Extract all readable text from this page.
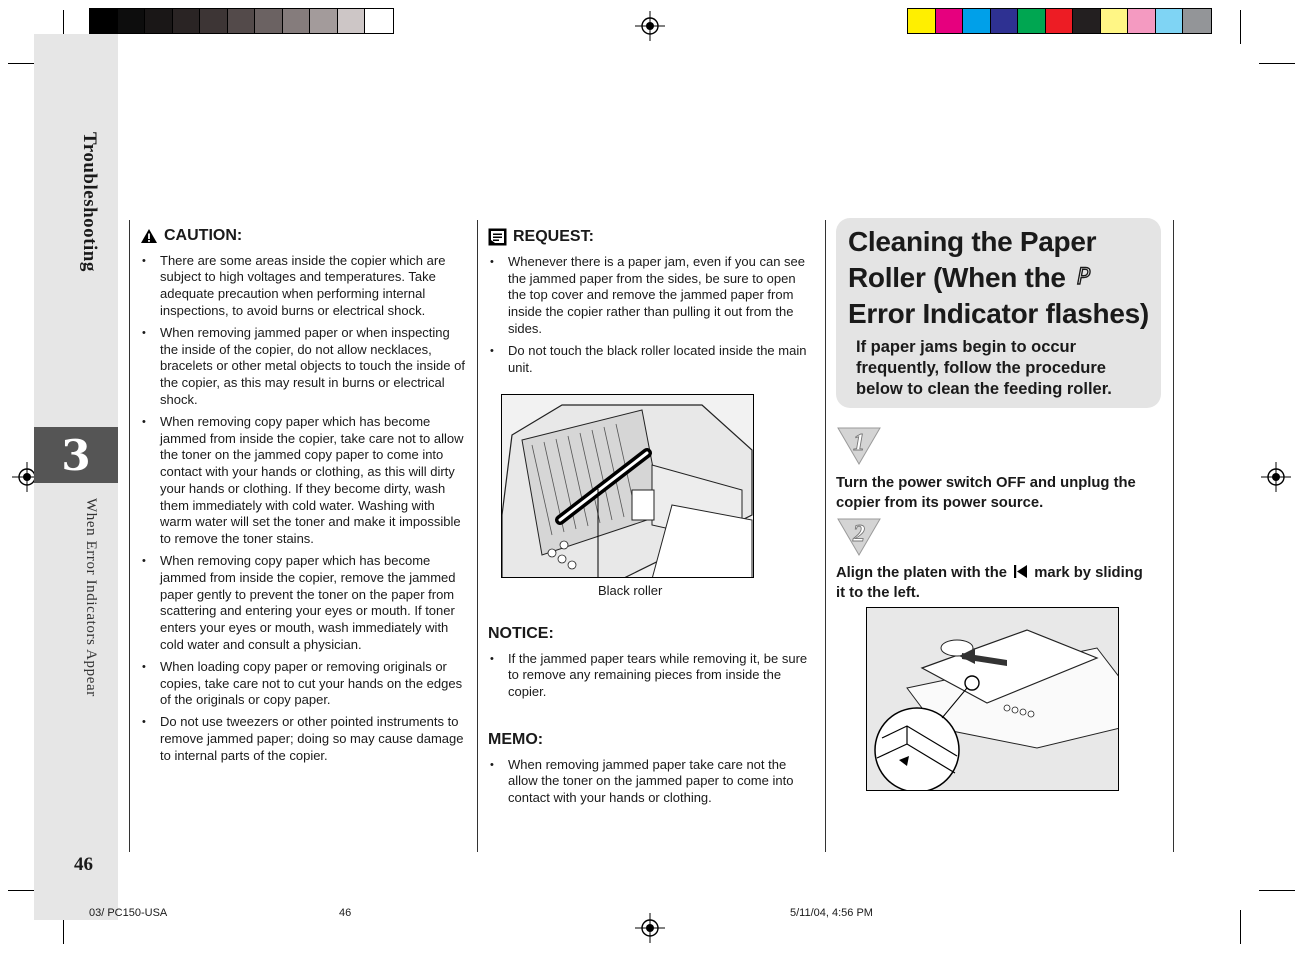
Troubleshooting
3
When Error Indicators Appear
46
CAUTION:
• There are some areas inside the copier which are subject to high voltages and temperatures. Take adequate precaution when performing internal inspections, to avoid burns or electrical shock.
• When removing jammed paper or when inspecting the inside of the copier, do not allow necklaces, bracelets or other metal objects to touch the inside of the copier, as this may result in burns or electrical shock.
• When removing copy paper which has become jammed from inside the copier, take care not to allow the toner on the jammed copy paper to come into contact with your hands or clothing, as this will dirty your hands or clothing. If they become dirty, wash them immediately with cold water. Washing with warm water will set the toner and make it impossible to remove the toner stains.
• When removing copy paper which has become jammed from inside the copier, remove the jammed paper gently to prevent the toner on the paper from scattering and entering your eyes or mouth. If toner enters your eyes or mouth, wash immediately with cold water and consult a physician.
• When loading copy paper or removing originals or copies, take care not to cut your hands on the edges of the originals or copy paper.
• Do not use tweezers or other pointed instruments to remove jammed paper; doing so may cause damage to internal parts of the copier.
REQUEST:
• Whenever there is a paper jam, even if you can see the jammed paper from the sides, be sure to open the top cover and remove the jammed paper from inside the copier rather than pulling it out from the sides.
• Do not touch the black roller located inside the main unit.
Black roller
NOTICE:
• If the jammed paper tears while removing it, be sure to remove any remaining pieces from inside the copier.
MEMO:
• When removing jammed paper take care not the allow the toner on the jammed paper to come into contact with your hands or clothing.
Cleaning the Paper
Roller (When the P
Error Indicator flashes)
If paper jams begin to occur frequently, follow the procedure below to clean the feeding roller.
1
Turn the power switch OFF and unplug the copier from its power source.
2
Align the platen with the mark by sliding it to the left.
03/ PC150-USA	46	5/11/04, 4:56 PM
